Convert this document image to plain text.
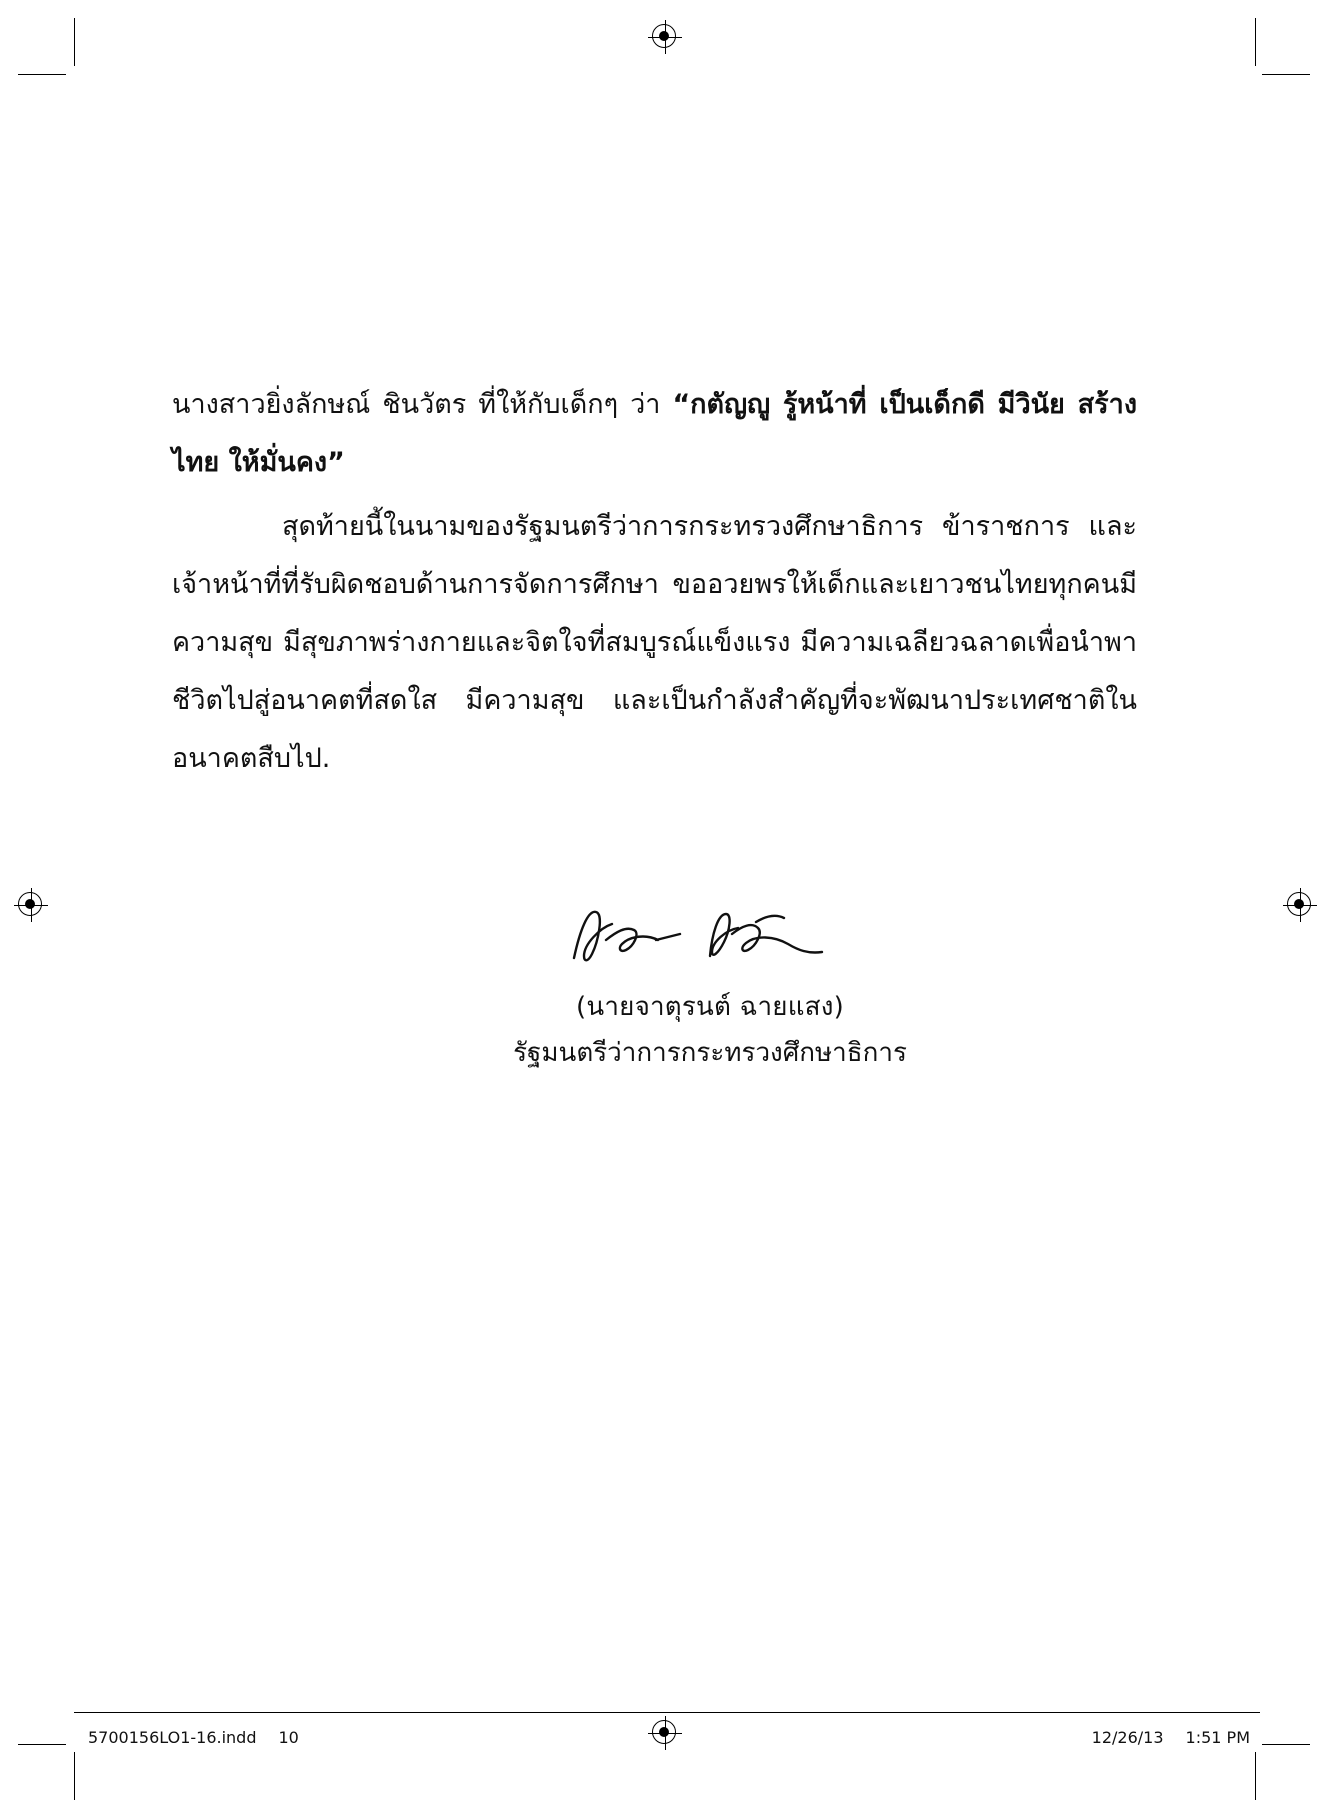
นางสาวยิ่งลักษณ์ ชินวัตร ที่ให้กับเด็กๆ ว่า “กตัญญู รู้หน้าที่ เป็นเด็กดี มีวินัย สร้างไทย ให้มั่นคง”

สุดท้ายนี้ในนามของรัฐมนตรีว่าการกระทรวงศึกษาธิการ ข้าราชการ และเจ้าหน้าที่ที่รับผิดชอบด้านการจัดการศึกษา ขออวยพรให้เด็กและเยาวชนไทยทุกคนมีความสุข มีสุขภาพร่างกายและจิตใจที่สมบูรณ์แข็งแรง มีความเฉลียวฉลาดเพื่อนำพาชีวิตไปสู่อนาคตที่สดใส มีความสุข และเป็นกำลังสำคัญที่จะพัฒนาประเทศชาติในอนาคตสืบไป.

(นายจาตุรนต์ ฉายแสง)
รัฐมนตรีว่าการกระทรวงศึกษาธิการ
5700156LO1-16.indd 10	12/26/13 1:51 PM
